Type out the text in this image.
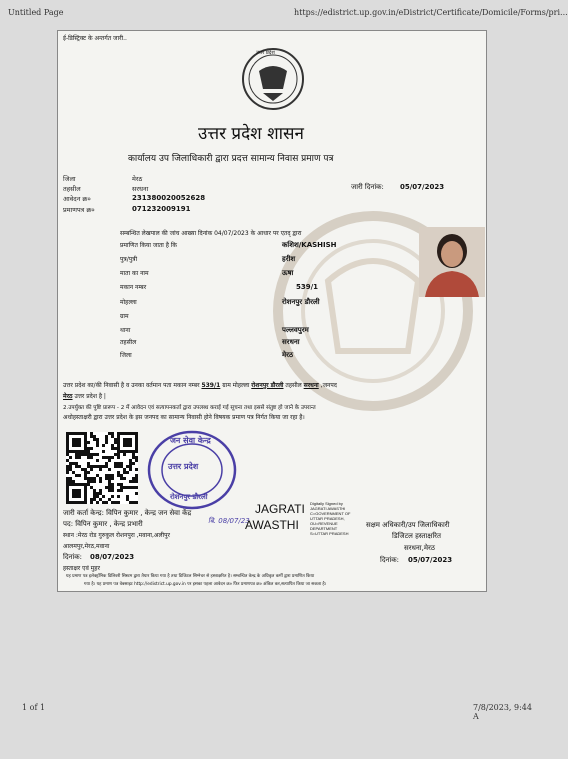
Untitled Page	https://edistrict.up.gov.in/eDistrict/Certificate/Domicile/Forms/pri...
1 of 1	7/8/2023, 9:44 A
ई-डिस्ट्रिक्ट के अन्तर्गत जारी..
उत्तर प्रदेश
उत्तर प्रदेश शासन
कार्यालय उप जिलाधिकारी द्वारा प्रदत्त सामान्य निवास प्रमाण पत्र
जिला	मेरठ
तहसील	सरधना
आवेदन क्र०	231380020052628
प्रमाणपत्र क्र०	071232009191
जारी दिनांक: 05/07/2023
सम्बन्धित लेखपाल की जांच आख्या दिनांक 04/07/2023 के आधार पर एतद् द्वारा
प्रमाणित किया जाता है कि	कशिश/KASHISH
पुत्र/पुत्री	हरीश
माता का नाम	ऊषा
मकान नम्बर	539/1
मोहल्ला	रोशनपुर डौरली
ग्राम
थाना	पल्लवपुरम
तहसील	सरधना
जिला	मेरठ
उत्तर प्रदेश का/की निवासी है व उनका वर्तमान पता मकान नम्बर 539/1 ग्राम मोहल्ला रोशनपुर डौरली तहसील सरधना ,जनपद
मेरठ उत्तर प्रदेश है |
2.उपर्युक्त की पुष्टि प्रारूप - 2 में आवेदन एवं सत्यापनकर्ता द्वारा उपलब्ध कराई गई सूचना तथा इससे संतुष्ट हो जाने के उपरान्त
अधोहस्ताक्षरी द्वारा उत्तर प्रदेश के इस जनपद का सामान्य निवासी होने विषयक प्रमाण पत्र निर्गत किया जा रहा है।
जन सेवा केन्द्र
उत्तर प्रदेश
रोशनपुर डौरली
बि. 08/07/23
जारी कर्ता केन्द्र: विपिन कुमार , केन्द्र जन सेवा केंद्र
पद: विपिन कुमार , केन्द्र प्रभारी
स्थान :मेरठ रोड गुरुकुल रोशनपुरा ,मवाना,अलीपुर
आलमपुर,मेरठ,मवाना
दिनांक: 08/07/2023
हस्ताक्षर एवं मुहर
JAGRATI
AWASTHI
Digitally Signed by
JAGRATI AWASTHI
C=GOVERNMENT OF
UTTAR PRADESH,
OU=REVENUE
DEPARTMENT
S=UTTAR PRADESH
सक्षम अधिकारी/उप जिलाधिकारी
डिजिटल हस्ताक्षरित
सरधना,मेरठ
दिनांक: 05/07/2023
यह प्रमाण पत्र इलेक्ट्रॉनिक डिलिवरी सिस्टम द्वारा तैयार किया गया है तथा डिजिटल सिग्नेचर से हस्ताक्षरित है। सम्बन्धित केन्द्र के अधिकृत कर्मी द्वारा प्रमाणित किया
गया है। यह प्रमाण पत्र वेबसाइट http://edistrict.up.gov.in पर इसका पहला आवेदन क्र० फिर प्रमाणपत्र क्र० अंकित कर,सत्यापित किया जा सकता है।
